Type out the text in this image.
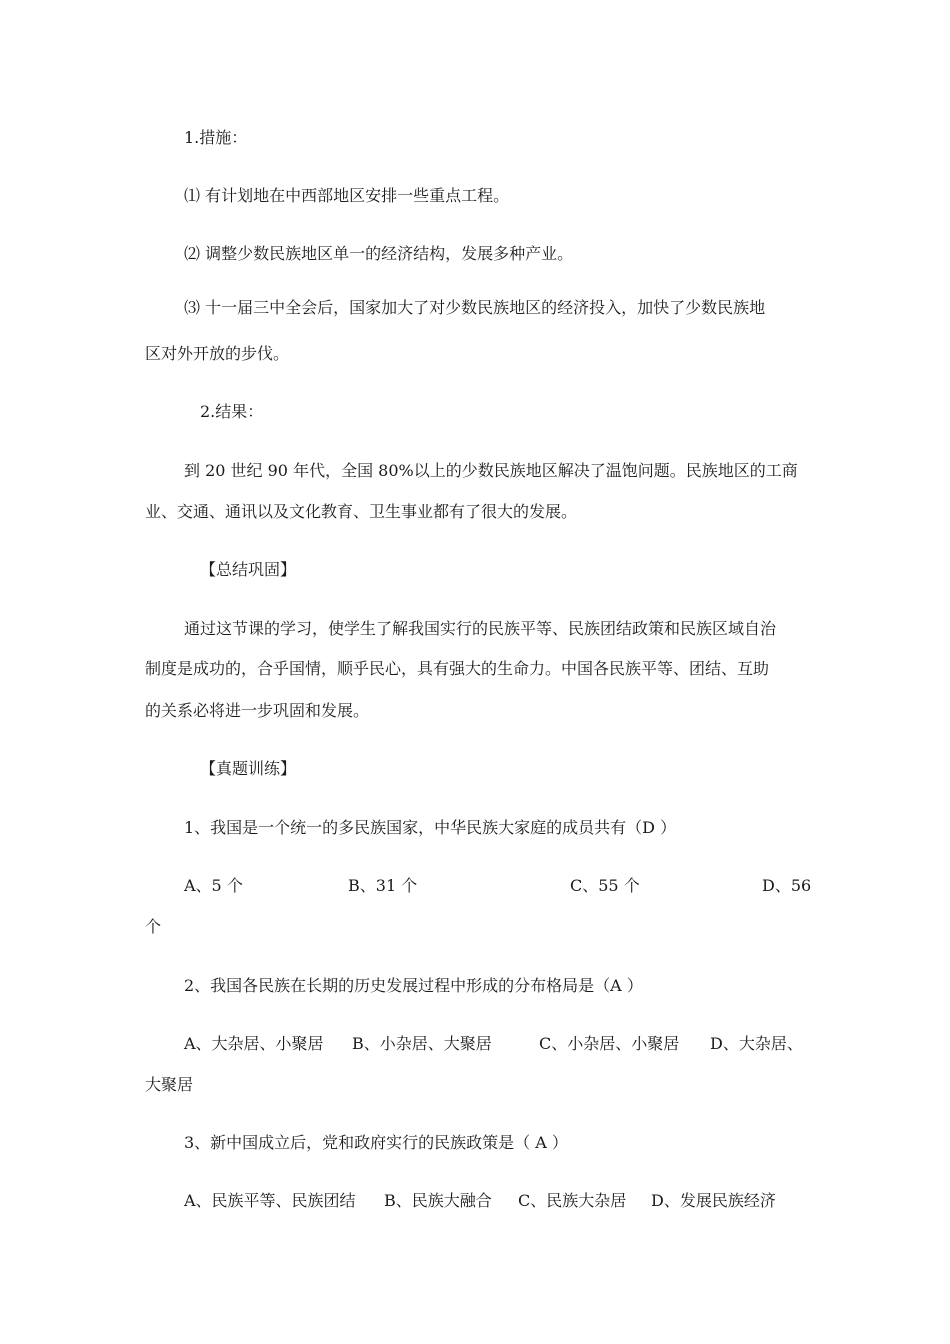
1.措施：
⑴ 有计划地在中西部地区安排一些重点工程。
⑵ 调整少数民族地区单一的经济结构，发展多种产业。
⑶ 十一届三中全会后，国家加大了对少数民族地区的经济投入，加快了少数民族地
区对外开放的步伐。
2.结果：
到 20 世纪 90 年代，全国 80%以上的少数民族地区解决了温饱问题。民族地区的工商
业、交通、通讯以及文化教育、卫生事业都有了很大的发展。
【总结巩固】
通过这节课的学习，使学生了解我国实行的民族平等、民族团结政策和民族区域自治
制度是成功的，合乎国情，顺乎民心，具有强大的生命力。中国各民族平等、团结、互助
的关系必将进一步巩固和发展。
【真题训练】
1、我国是一个统一的多民族国家，中华民族大家庭的成员共有（D ）
A、5 个	B、31 个	C、55 个	D、56
个
2、我国各民族在长期的历史发展过程中形成的分布格局是（A ）
A、大杂居、小聚居 B、小杂居、大聚居	C、小杂居、小聚居 D、大杂居、
大聚居
3、新中国成立后，党和政府实行的民族政策是（ A ）
A、民族平等、民族团结 B、民族大融合 C、民族大杂居 D、发展民族经济
